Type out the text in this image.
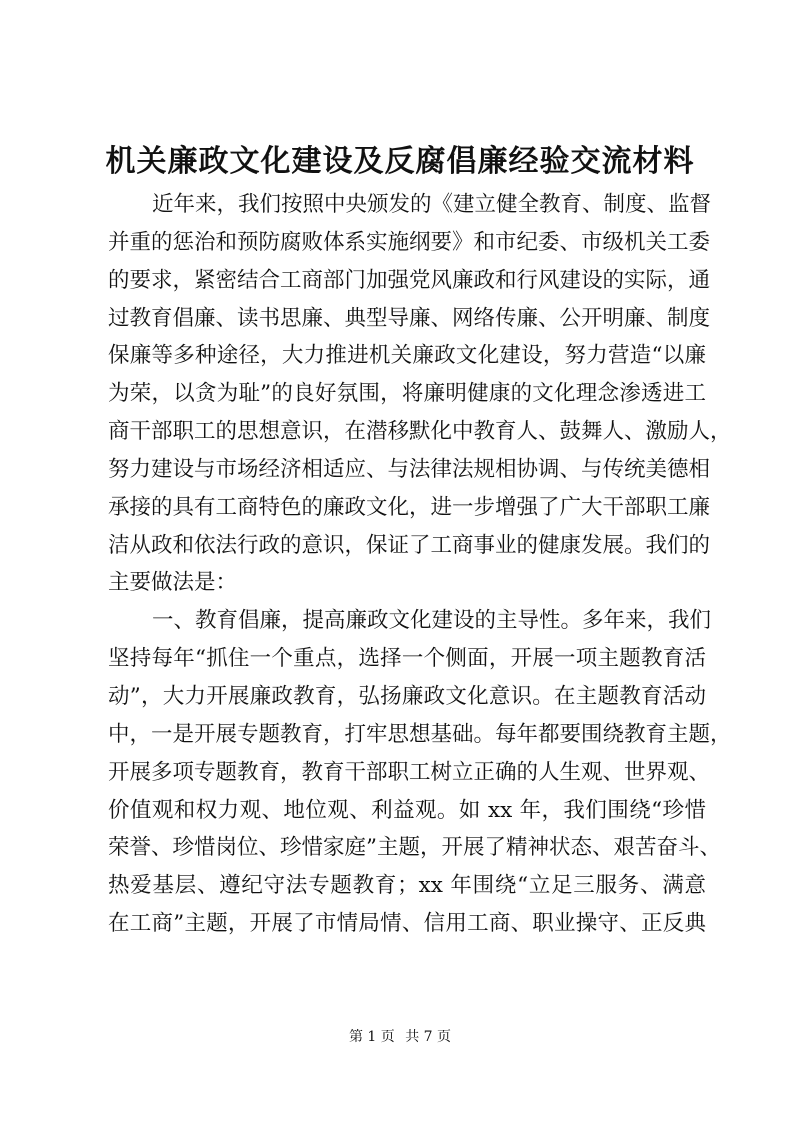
机关廉政文化建设及反腐倡廉经验交流材料
近年来，我们按照中央颁发的《建立健全教育、制度、监督
并重的惩治和预防腐败体系实施纲要》和市纪委、市级机关工委
的要求，紧密结合工商部门加强党风廉政和行风建设的实际，通
过教育倡廉、读书思廉、典型导廉、网络传廉、公开明廉、制度
保廉等多种途径，大力推进机关廉政文化建设，努力营造“以廉
为荣，以贪为耻”的良好氛围，将廉明健康的文化理念渗透进工
商干部职工的思想意识，在潜移默化中教育人、鼓舞人、激励人，
努力建设与市场经济相适应、与法律法规相协调、与传统美德相
承接的具有工商特色的廉政文化，进一步增强了广大干部职工廉
洁从政和依法行政的意识，保证了工商事业的健康发展。我们的
主要做法是：
一、教育倡廉，提高廉政文化建设的主导性。多年来，我们
坚持每年“抓住一个重点，选择一个侧面，开展一项主题教育活
动”，大力开展廉政教育，弘扬廉政文化意识。在主题教育活动
中，一是开展专题教育，打牢思想基础。每年都要围绕教育主题，
开展多项专题教育，教育干部职工树立正确的人生观、世界观、
价值观和权力观、地位观、利益观。如 xx 年，我们围绕“珍惜
荣誉、珍惜岗位、珍惜家庭”主题，开展了精神状态、艰苦奋斗、
热爱基层、遵纪守法专题教育；xx 年围绕“立足三服务、满意
在工商”主题，开展了市情局情、信用工商、职业操守、正反典
第 1 页 共 7 页
